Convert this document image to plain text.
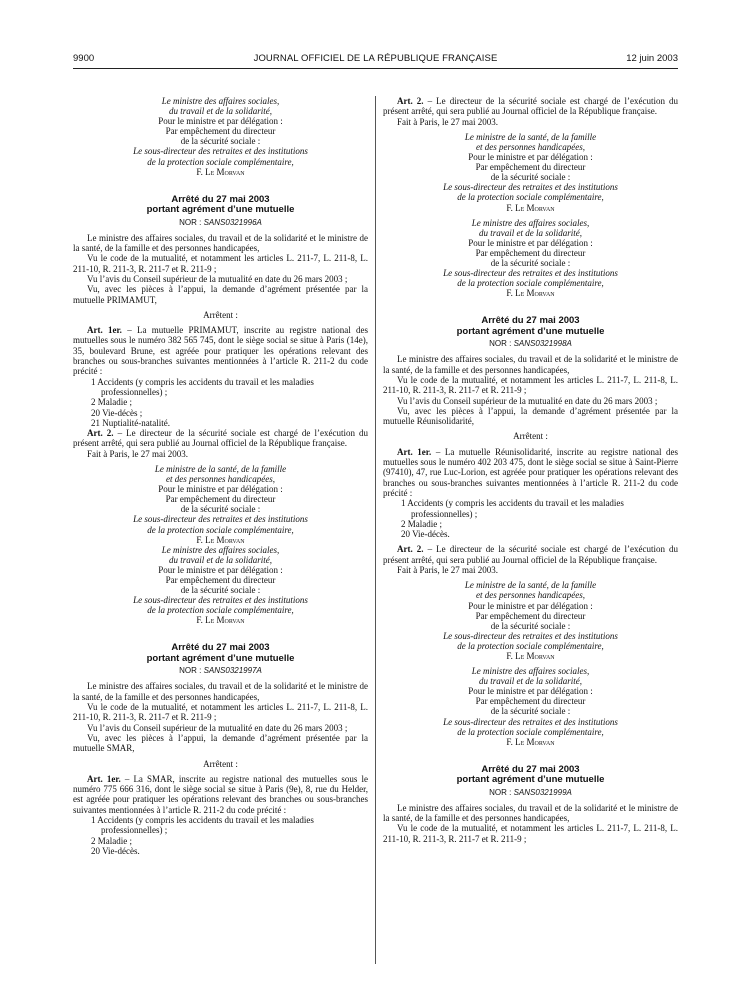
9900	JOURNAL OFFICIEL DE LA RÉPUBLIQUE FRANÇAISE	12 juin 2003
Le ministre des affaires sociales,
du travail et de la solidarité,
Pour le ministre et par délégation :
Par empêchement du directeur
de la sécurité sociale :
Le sous-directeur des retraites et des institutions
de la protection sociale complémentaire,
F. Le Morvan
Arrêté du 27 mai 2003
portant agrément d’une mutuelle
NOR : SANS0321996A

Le ministre des affaires sociales, du travail et de la solidarité et le ministre de la santé, de la famille et des personnes handicapées,

Vu le code de la mutualité, et notamment les articles L. 211-7, L. 211-8, L. 211-10, R. 211-3, R. 211-7 et R. 211-9 ;

Vu l’avis du Conseil supérieur de la mutualité en date du 26 mars 2003 ;

Vu, avec les pièces à l’appui, la demande d’agrément présentée par la mutuelle PRIMAMUT,

Arrêtent :

Art. 1er. – La mutuelle PRIMAMUT, inscrite au registre national des mutuelles sous le numéro 382 565 745, dont le siège social se situe à Paris (14e), 35, boulevard Brune, est agréée pour pratiquer les opérations relevant des branches ou sous-branches suivantes mentionnées à l’article R. 211-2 du code précité :

1 Accidents (y compris les accidents du travail et les maladies
professionnelles) ;
2 Maladie ;
20 Vie-décès ;
21 Nuptialité-natalité.

Art. 2. – Le directeur de la sécurité sociale est chargé de l’exécution du présent arrêté, qui sera publié au Journal officiel de la République française.

Fait à Paris, le 27 mai 2003.

Le ministre de la santé, de la famille
et des personnes handicapées,
Pour le ministre et par délégation :
Par empêchement du directeur
de la sécurité sociale :
Le sous-directeur des retraites et des institutions
de la protection sociale complémentaire,
F. Le Morvan
Le ministre des affaires sociales,
du travail et de la solidarité,
Pour le ministre et par délégation :
Par empêchement du directeur
de la sécurité sociale :
Le sous-directeur des retraites et des institutions
de la protection sociale complémentaire,
F. Le Morvan
Arrêté du 27 mai 2003
portant agrément d’une mutuelle
NOR : SANS0321997A

Le ministre des affaires sociales, du travail et de la solidarité et le ministre de la santé, de la famille et des personnes handicapées,

Vu le code de la mutualité, et notamment les articles L. 211-7, L. 211-8, L. 211-10, R. 211-3, R. 211-7 et R. 211-9 ;

Vu l’avis du Conseil supérieur de la mutualité en date du 26 mars 2003 ;

Vu, avec les pièces à l’appui, la demande d’agrément présentée par la mutuelle SMAR,

Arrêtent :

Art. 1er. – La SMAR, inscrite au registre national des mutuelles sous le numéro 775 666 316, dont le siège social se situe à Paris (9e), 8, rue du Helder, est agréée pour pratiquer les opérations relevant des branches ou sous-branches suivantes mentionnées à l’article R. 211-2 du code précité :

1 Accidents (y compris les accidents du travail et les maladies
professionnelles) ;
2 Maladie ;
20 Vie-décès.

Art. 2. – Le directeur de la sécurité sociale est chargé de l’exécution du présent arrêté, qui sera publié au Journal officiel de la République française.

Fait à Paris, le 27 mai 2003.

Le ministre de la santé, de la famille
et des personnes handicapées,
Pour le ministre et par délégation :
Par empêchement du directeur
de la sécurité sociale :
Le sous-directeur des retraites et des institutions
de la protection sociale complémentaire,
F. Le Morvan
Le ministre des affaires sociales,
du travail et de la solidarité,
Pour le ministre et par délégation :
Par empêchement du directeur
de la sécurité sociale :
Le sous-directeur des retraites et des institutions
de la protection sociale complémentaire,
F. Le Morvan
Arrêté du 27 mai 2003
portant agrément d’une mutuelle
NOR : SANS0321998A

Le ministre des affaires sociales, du travail et de la solidarité et le ministre de la santé, de la famille et des personnes handicapées,

Vu le code de la mutualité, et notamment les articles L. 211-7, L. 211-8, L. 211-10, R. 211-3, R. 211-7 et R. 211-9 ;

Vu l’avis du Conseil supérieur de la mutualité en date du 26 mars 2003 ;

Vu, avec les pièces à l’appui, la demande d’agrément présentée par la mutuelle Réunisolidarité,

Arrêtent :

Art. 1er. – La mutuelle Réunisolidarité, inscrite au registre national des mutuelles sous le numéro 402 203 475, dont le siège social se situe à Saint-Pierre (97410), 47, rue Luc-Lorion, est agréée pour pratiquer les opérations relevant des branches ou sous-branches suivantes mentionnées à l’article R. 211-2 du code précité :

1 Accidents (y compris les accidents du travail et les maladies
professionnelles) ;
2 Maladie ;
20 Vie-décès.

Art. 2. – Le directeur de la sécurité sociale est chargé de l’exécution du présent arrêté, qui sera publié au Journal officiel de la République française.

Fait à Paris, le 27 mai 2003.

Le ministre de la santé, de la famille
et des personnes handicapées,
Pour le ministre et par délégation :
Par empêchement du directeur
de la sécurité sociale :
Le sous-directeur des retraites et des institutions
de la protection sociale complémentaire,
F. Le Morvan
Le ministre des affaires sociales,
du travail et de la solidarité,
Pour le ministre et par délégation :
Par empêchement du directeur
de la sécurité sociale :
Le sous-directeur des retraites et des institutions
de la protection sociale complémentaire,
F. Le Morvan
Arrêté du 27 mai 2003
portant agrément d’une mutuelle
NOR : SANS0321999A

Le ministre des affaires sociales, du travail et de la solidarité et le ministre de la santé, de la famille et des personnes handicapées,

Vu le code de la mutualité, et notamment les articles L. 211-7, L. 211-8, L. 211-10, R. 211-3, R. 211-7 et R. 211-9 ;
